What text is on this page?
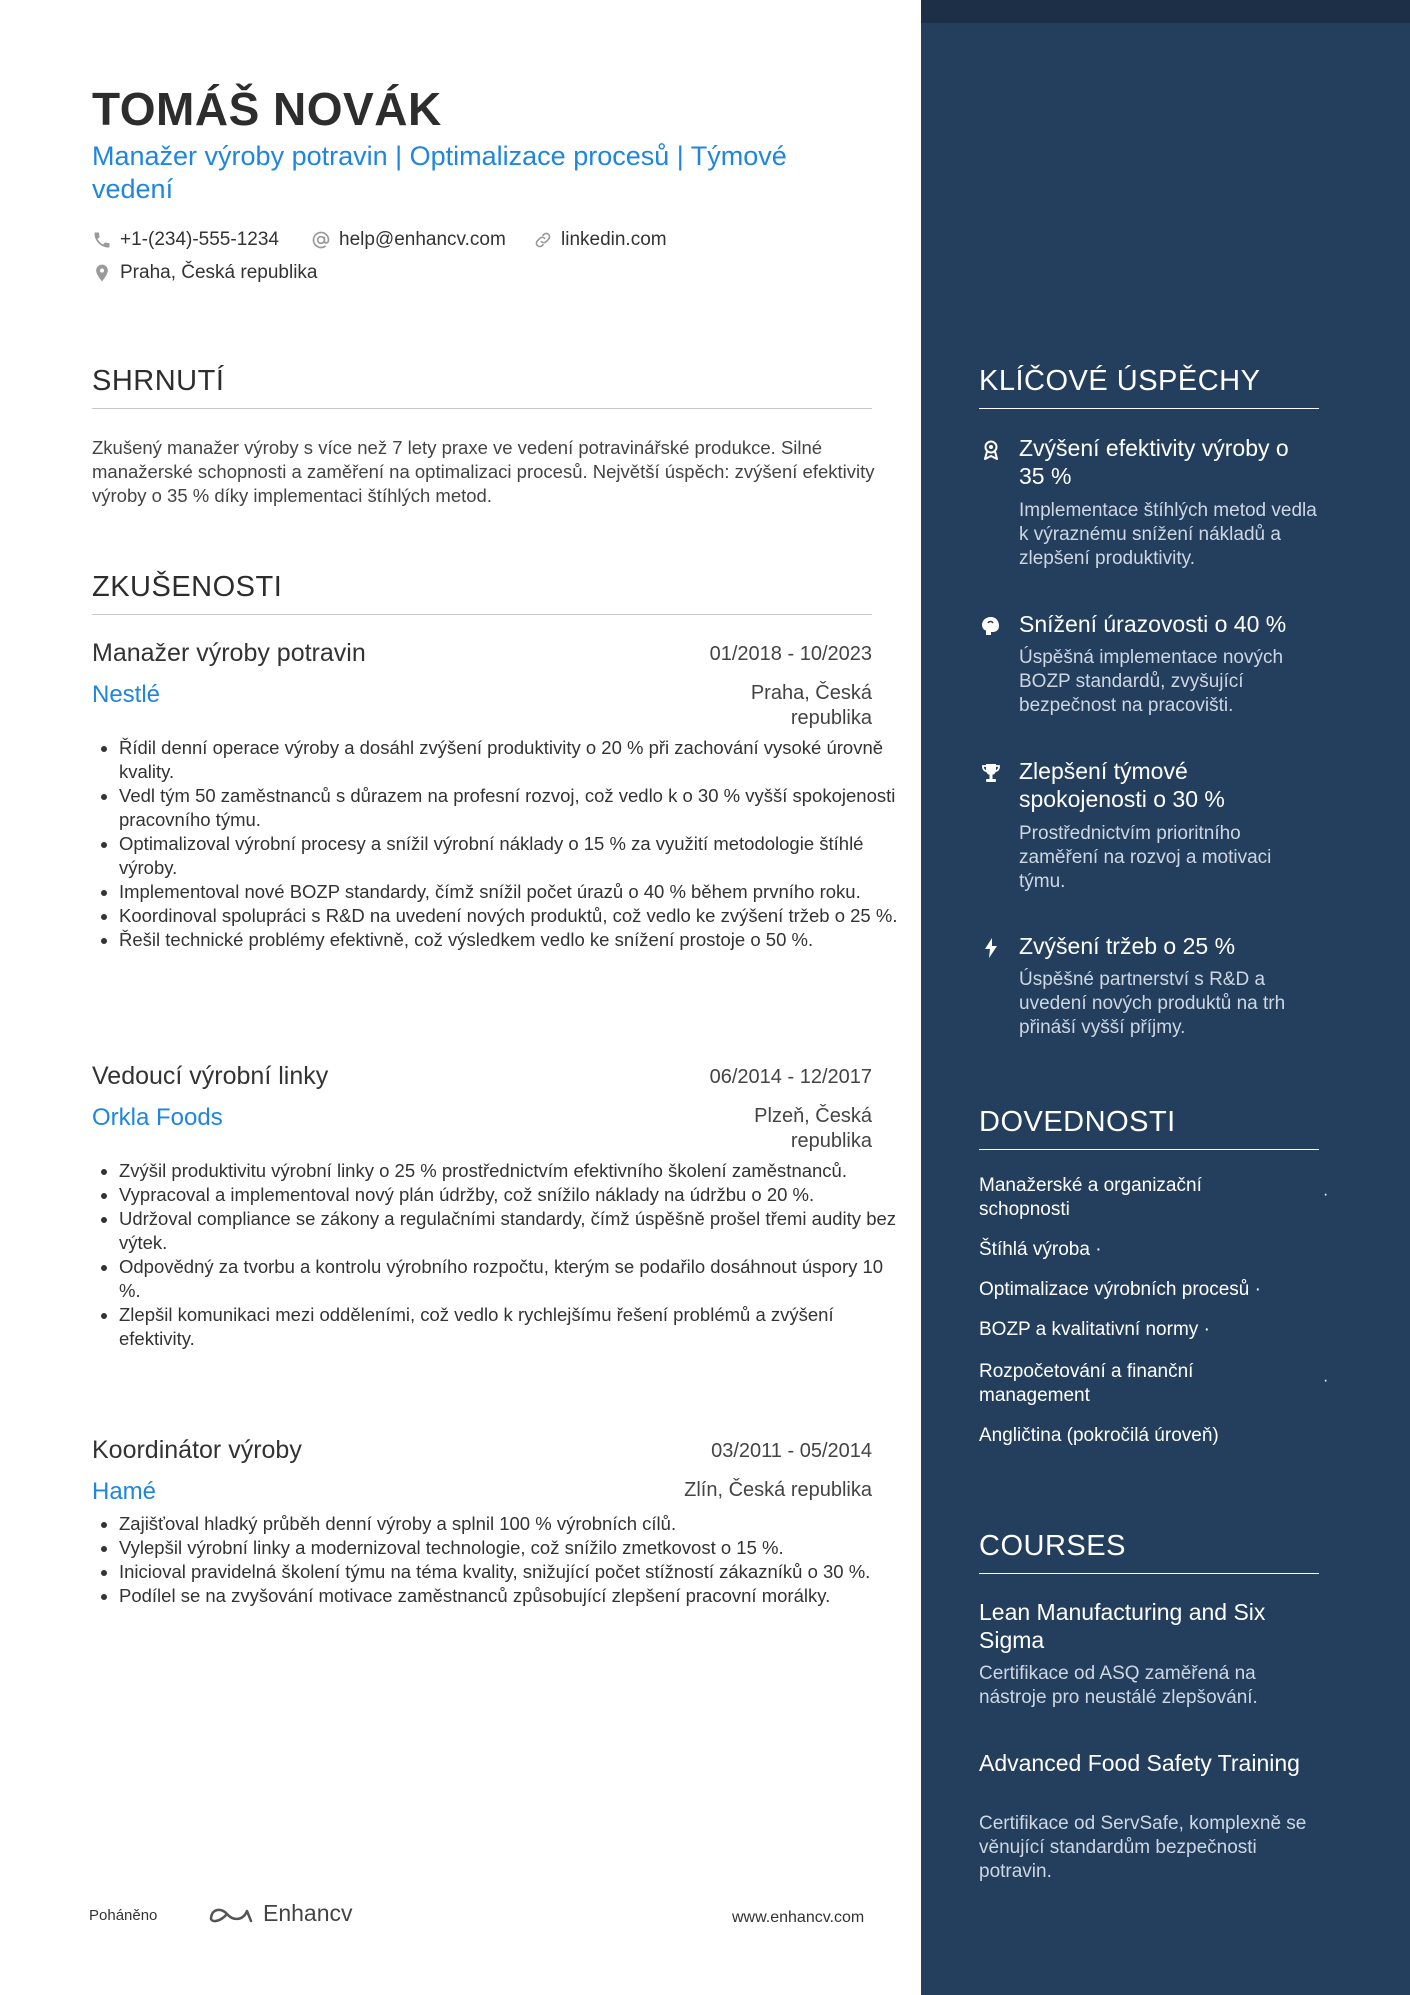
TOMÁŠ NOVÁK
Manažer výroby potravin | Optimalizace procesů | Týmové vedení
+1-(234)-555-1234	help@enhancv.com	linkedin.com
Praha, Česká republika
SHRNUTÍ
Zkušený manažer výroby s více než 7 lety praxe ve vedení potravinářské produkce. Silné manažerské schopnosti a zaměření na optimalizaci procesů. Největší úspěch: zvýšení efektivity výroby o 35 % díky implementaci štíhlých metod.
ZKUŠENOSTI
Manažer výroby potravin	01/2018 - 10/2023
Nestlé	Praha, Česká republika
• Řídil denní operace výroby a dosáhl zvýšení produktivity o 20 % při zachování vysoké úrovně kvality.
• Vedl tým 50 zaměstnanců s důrazem na profesní rozvoj, což vedlo k o 30 % vyšší spokojenosti pracovního týmu.
• Optimalizoval výrobní procesy a snížil výrobní náklady o 15 % za využití metodologie štíhlé výroby.
• Implementoval nové BOZP standardy, čímž snížil počet úrazů o 40 % během prvního roku.
• Koordinoval spolupráci s R&D na uvedení nových produktů, což vedlo ke zvýšení tržeb o 25 %.
• Řešil technické problémy efektivně, což výsledkem vedlo ke snížení prostoje o 50 %.
Vedoucí výrobní linky	06/2014 - 12/2017
Orkla Foods	Plzeň, Česká republika
• Zvýšil produktivitu výrobní linky o 25 % prostřednictvím efektivního školení zaměstnanců.
• Vypracoval a implementoval nový plán údržby, což snížilo náklady na údržbu o 20 %.
• Udržoval compliance se zákony a regulačními standardy, čímž úspěšně prošel třemi audity bez výtek.
• Odpovědný za tvorbu a kontrolu výrobního rozpočtu, kterým se podařilo dosáhnout úspory 10 %.
• Zlepšil komunikaci mezi odděleními, což vedlo k rychlejšímu řešení problémů a zvýšení efektivity.
Koordinátor výroby	03/2011 - 05/2014
Hamé	Zlín, Česká republika
• Zajišťoval hladký průběh denní výroby a splnil 100 % výrobních cílů.
• Vylepšil výrobní linky a modernizoval technologie, což snížilo zmetkovost o 15 %.
• Inicioval pravidelná školení týmu na téma kvality, snižující počet stížností zákazníků o 30 %.
• Podílel se na zvyšování motivace zaměstnanců způsobující zlepšení pracovní morálky.
Poháněno	Enhancv	www.enhancv.com
KLÍČOVÉ ÚSPĚCHY
Zvýšení efektivity výroby o 35 %
Implementace štíhlých metod vedla k výraznému snížení nákladů a zlepšení produktivity.
Snížení úrazovosti o 40 %
Úspěšná implementace nových BOZP standardů, zvyšující bezpečnost na pracovišti.
Zlepšení týmové spokojenosti o 30 %
Prostřednictvím prioritního zaměření na rozvoj a motivaci týmu.
Zvýšení tržeb o 25 %
Úspěšné partnerství s R&D a uvedení nových produktů na trh přináší vyšší příjmy.
DOVEDNOSTI
Manažerské a organizační schopnosti
·
Štíhlá výroba ·
Optimalizace výrobních procesů ·
BOZP a kvalitativní normy ·
Rozpočetování a finanční management
·
Angličtina (pokročilá úroveň)
COURSES
Lean Manufacturing and Six Sigma
Certifikace od ASQ zaměřená na nástroje pro neustálé zlepšování.
Advanced Food Safety Training
Certifikace od ServSafe, komplexně se věnující standardům bezpečnosti potravin.
